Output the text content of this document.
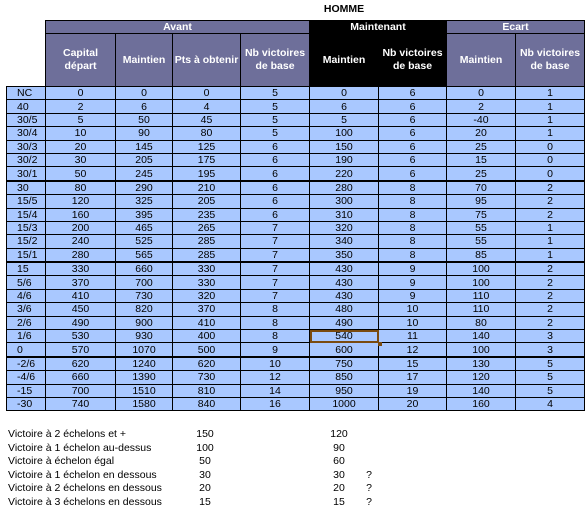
HOMME
	Avant				Maintenant		Ecart	
	Capital départ	Maintien	Pts à obtenir	Nb victoires de base	Maintien	Nb victoires de base	Maintien	Nb victoires de base
NC	0	0	0	5	0	6	0	1
40	2	6	4	5	6	6	2	1
30/5	5	50	45	5	5	6	-40	1
30/4	10	90	80	5	100	6	20	1
30/3	20	145	125	6	150	6	25	0
30/2	30	205	175	6	190	6	15	0
30/1	50	245	195	6	220	6	25	0
30	80	290	210	6	280	8	70	2
15/5	120	325	205	6	300	8	95	2
15/4	160	395	235	6	310	8	75	2
15/3	200	465	265	7	320	8	55	1
15/2	240	525	285	7	340	8	55	1
15/1	280	565	285	7	350	8	85	1
15	330	660	330	7	430	9	100	2
5/6	370	700	330	7	430	9	100	2
4/6	410	730	320	7	430	9	110	2
3/6	450	820	370	8	480	10	110	2
2/6	490	900	410	8	490	10	80	2
1/6	530	930	400	8	540	11	140	3
0	570	1070	500	9	600	12	100	3
-2/6	620	1240	620	10	750	15	130	5
-4/6	660	1390	730	12	850	17	120	5
-15	700	1510	810	14	950	19	140	5
-30	740	1580	840	16	1000	20	160	4
Victoire à 2 échelons et +	150		120	
Victoire à 1 échelon au-dessus	100		90	
Victoire à échelon égal	50		60	
Victoire à 1 échelon en dessous	30		30	?
Victoire à 2 échelons en dessous	20		20	?
Victoire à 3 échelons en dessous	15		15	?
